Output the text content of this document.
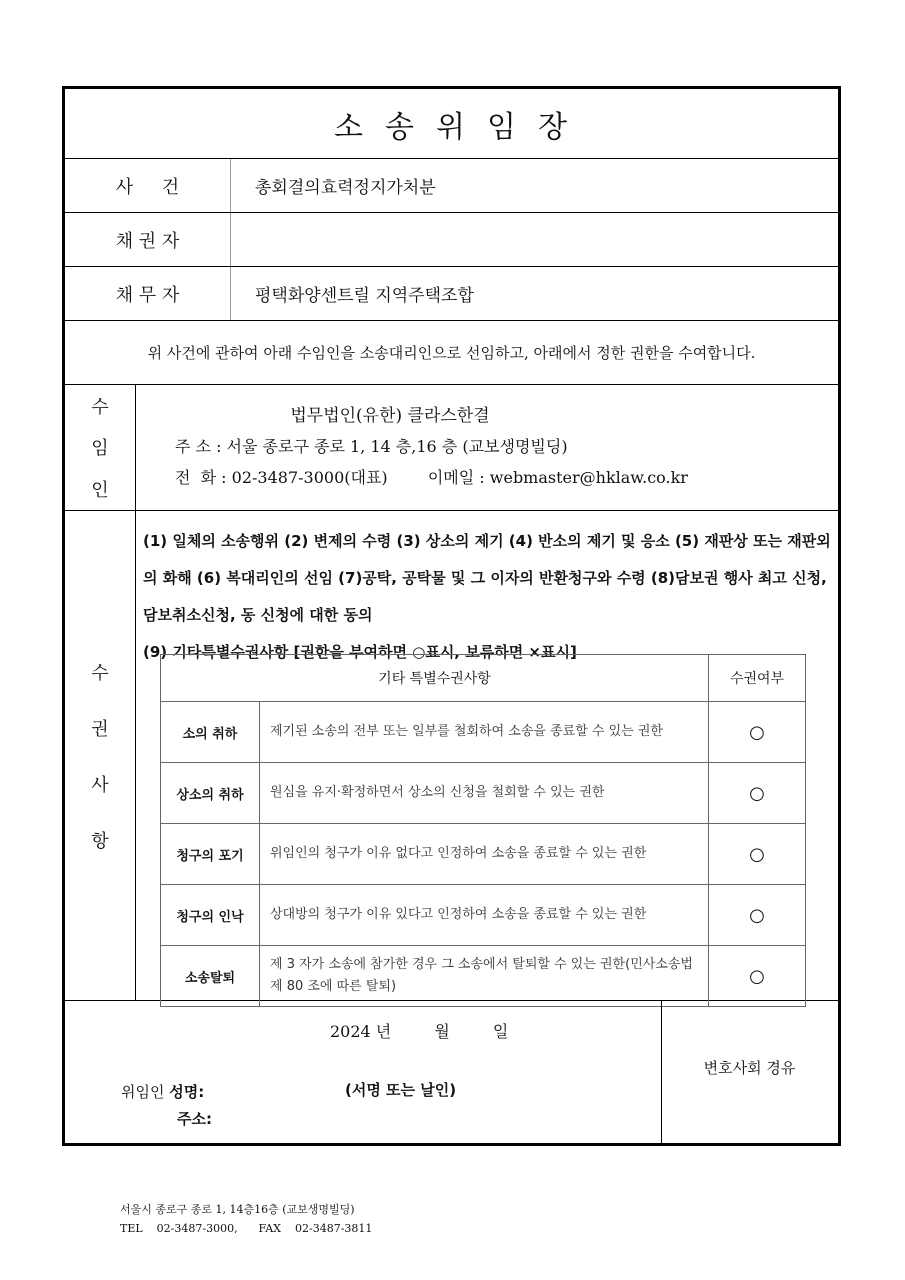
소 송 위 임 장
사     건	총회결의효력정지가처분
채 권 자
채 무 자	평택화양센트릴 지역주택조합
위 사건에 관하여 아래 수임인을 소송대리인으로 선임하고, 아래에서 정한 권한을 수여합니다.
수
임
인
법무법인(유한) 클라스한결
주 소 : 서울 종로구 종로 1, 14 층,16 층 (교보생명빌딩)
전  화 : 02-3487-3000(대표)	이메일 : webmaster@hklaw.co.kr
수
권
사
항
(1) 일체의 소송행위 (2) 변제의 수령 (3) 상소의 제기 (4) 반소의 제기 및 응소 (5) 재판상 또는 재판외의 화해 (6) 복대리인의 선임 (7)공탁, 공탁물 및 그 이자의 반환청구와 수령 (8)담보권 행사 최고 신청, 담보취소신청, 동 신청에 대한 동의
(9) 기타특별수권사항 [권한을 부여하면 ○표시, 보류하면 ×표시]
기타 특별수권사항		수권여부
소의 취하	제기된 소송의 전부 또는 일부를 철회하여 소송을 종료할 수 있는 권한	○
상소의 취하	원심을 유지·확정하면서 상소의 신청을 철회할 수 있는 권한	○
청구의 포기	위임인의 청구가 이유 없다고 인정하여 소송을 종료할 수 있는 권한	○
청구의 인낙	상대방의 청구가 이유 있다고 인정하여 소송을 종료할 수 있는 권한	○
소송탈퇴	제 3 자가 소송에 참가한 경우 그 소송에서 탈퇴할 수 있는 권한(민사소송법 제 80 조에 따른 탈퇴)	○
2024 년	월	일
위임인 성명:
주소:
(서명 또는 날인)
변호사회 경유
서울시 종로구 종로 1, 14층16층 (교보생명빌딩)
TEL    02-3487-3000,      FAX    02-3487-3811
